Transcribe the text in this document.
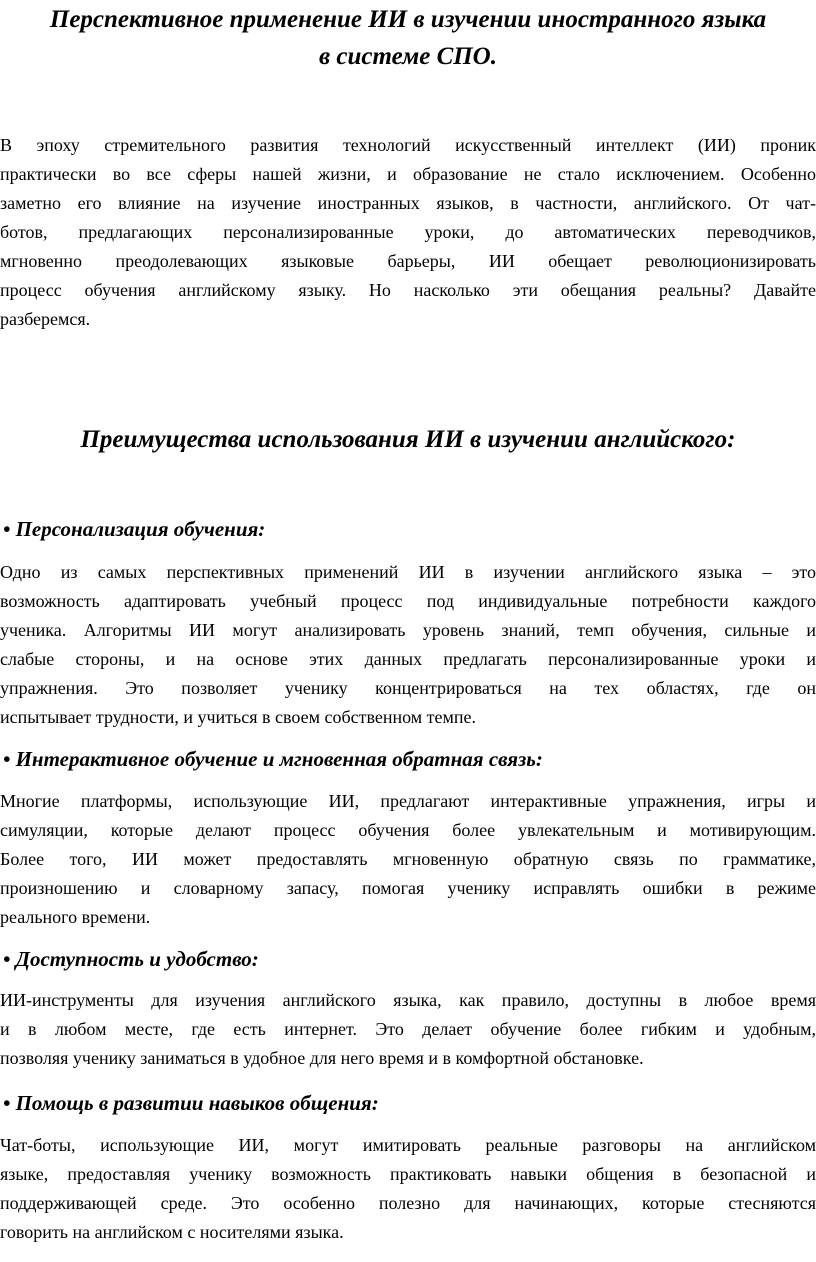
Перспективное применение ИИ в изучении иностранного языка
в системе СПО.
В эпоху стремительного развития технологий искусственный интеллект (ИИ) проник
практически во все сферы нашей жизни, и образование не стало исключением. Особенно
заметно его влияние на изучение иностранных языков, в частности, английского. От чат-
ботов, предлагающих персонализированные уроки, до автоматических переводчиков,
мгновенно преодолевающих языковые барьеры, ИИ обещает революционизировать
процесс обучения английскому языку. Но насколько эти обещания реальны? Давайте
разберемся.
Преимущества использования ИИ в изучении английского:
• Персонализация обучения:
Одно из самых перспективных применений ИИ в изучении английского языка – это
возможность адаптировать учебный процесс под индивидуальные потребности каждого
ученика. Алгоритмы ИИ могут анализировать уровень знаний, темп обучения, сильные и
слабые стороны, и на основе этих данных предлагать персонализированные уроки и
упражнения. Это позволяет ученику концентрироваться на тех областях, где он
испытывает трудности, и учиться в своем собственном темпе.
• Интерактивное обучение и мгновенная обратная связь:
Многие платформы, использующие ИИ, предлагают интерактивные упражнения, игры и
симуляции, которые делают процесс обучения более увлекательным и мотивирующим.
Более того, ИИ может предоставлять мгновенную обратную связь по грамматике,
произношению и словарному запасу, помогая ученику исправлять ошибки в режиме
реального времени.
• Доступность и удобство:
ИИ-инструменты для изучения английского языка, как правило, доступны в любое время
и в любом месте, где есть интернет. Это делает обучение более гибким и удобным,
позволяя ученику заниматься в удобное для него время и в комфортной обстановке.
• Помощь в развитии навыков общения:
Чат-боты, использующие ИИ, могут имитировать реальные разговоры на английском
языке, предоставляя ученику возможность практиковать навыки общения в безопасной и
поддерживающей среде. Это особенно полезно для начинающих, которые стесняются
говорить на английском с носителями языка.
